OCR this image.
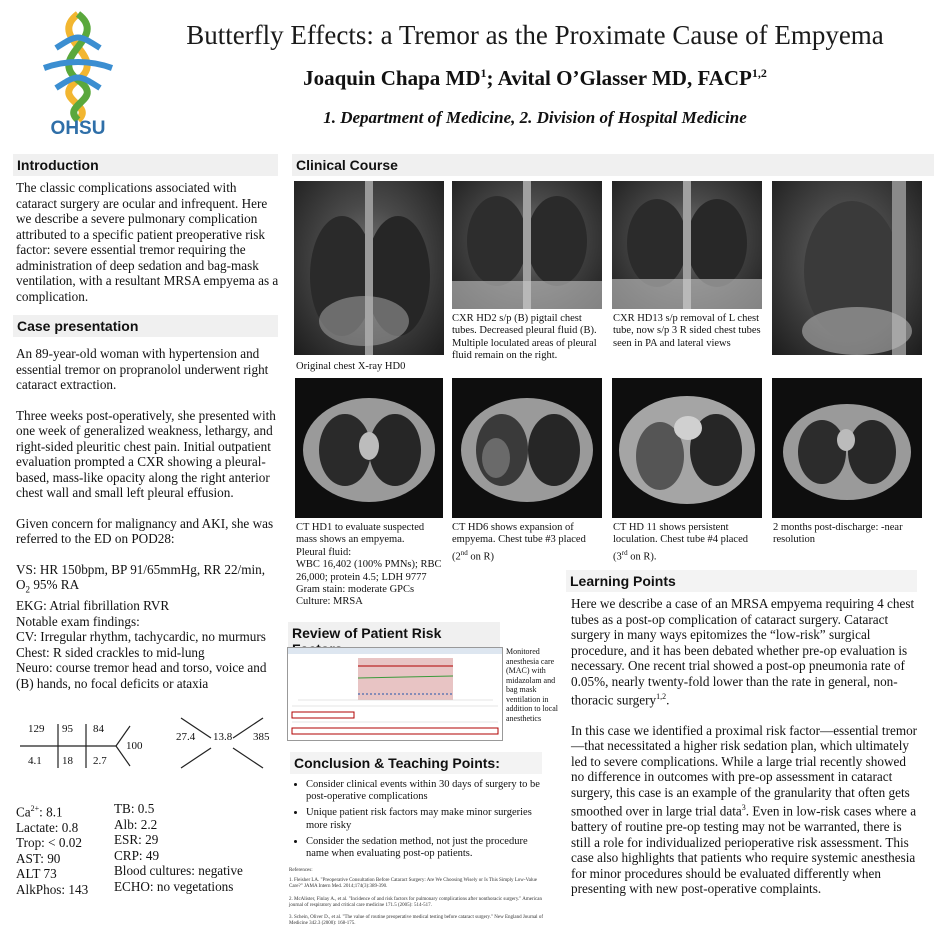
OHSU
Butterfly Effects: a Tremor as the Proximate Cause of Empyema
Joaquin Chapa $MD^1$; Avital O’Glasser MD, FACP$^{1,2}$
1. Department of Medicine, 2. Division of Hospital Medicine
Introduction
The classic complications associated with cataract surgery are ocular and infrequent. Here we describe a severe pulmonary complication attributed to a specific patient preoperative risk factor: severe essential tremor requiring the administration of deep sedation and bag-mask ventilation, with a resultant MRSA empyema as a complication.
Case presentation

An 89-year-old woman with hypertension and essential tremor on propranolol underwent right cataract extraction.

Three weeks post-operatively, she presented with one week of generalized weakness, lethargy, and right-sided pleuritic chest pain. Initial outpatient evaluation prompted a CXR showing a pleural-based, mass-like opacity along the right anterior chest wall and small left pleural effusion.

Given concern for malignancy and AKI, she was referred to the ED on POD28:

VS: HR 150bpm, BP 91/65mmHg, RR 22/min,
$O_2$ 95% RA

EKG: Atrial fibrillation RVR

Notable exam findings:

CV: Irregular rhythm, tachycardic, no murmurs

Chest: R sided crackles to mid-lung

Neuro: course tremor head and torso, voice and (B) hands, no focal deficits or ataxia

129 95 84
100
4.1 18 2.7
27.4 13.8 385
$Ca^{2+}$: 8.1
Lactate: 0.8
Trop: < 0.02
AST: 90
ALT 73
AlkPhos: 143
TB: 0.5
Alb: 2.2
ESR: 29
CRP: 49
Blood cultures: negative
ECHO: no vegetations
Clinical Course
Original chest X-ray HD0
CXR HD2 s/p (B) pigtail chest tubes. Decreased pleural fluid (B). Multiple loculated areas of pleural fluid remain on the right.
CXR HD13 s/p removal of L chest tube, now s/p 3 R sided chest tubes seen in PA and lateral views
CT HD1 to evaluate suspected mass shows an empyema.
Pleural fluid:
WBC 16,402 (100% PMNs); RBC 26,000; protein 4.5; LDH 9777
Gram stain: moderate GPCs
Culture: MRSA
CT HD6 shows expansion of empyema. Chest tube #3 placed (2nd on R)
CT HD 11 shows persistent loculation. Chest tube #4 placed (3rd on R).
2 months post-discharge: -near resolution
Review of Patient Risk
Monitored anesthesia care (MAC) with midazolam and bag mask ventilation in addition to local anesthetics
Conclusion & Teaching Points:
• Consider clinical events within 30 days of surgery to be post-operative complications
• Unique patient risk factors may make minor surgeries more risky
• Consider the sedation method, not just the procedure name when evaluating post-op patients.
References:
1. Fleisher LA. "Preoperative Consultation Before Cataract Surgery: Are We Choosing Wisely or Is This Simply Low-Value Care?" JAMA Intern Med. 2014;174(3):389-390.
2. McAlister, Finlay A., et al. "Incidence of and risk factors for pulmonary complications after nonthoracic surgery." American journal of respiratory and critical care medicine 171.5 (2005): 514-517.
3. Schein, Oliver D., et al. "The value of routine preoperative medical testing before cataract surgery." New England Journal of Medicine 342.3 (2000): 168-175.
Learning Points

Here we describe a case of an MRSA empyema requiring 4 chest tubes as a post-op complication of cataract surgery. Cataract surgery in many ways epitomizes the “low-risk” surgical procedure, and it has been debated whether pre-op evaluation is necessary. One recent trial showed a post-op pneumonia rate of 0.05%, nearly twenty-fold lower than the rate in general, non-thoracic surgery$^{1,2}$.

In this case we identified a proximal risk factor—essential tremor—that necessitated a higher risk sedation plan, which ultimately led to severe complications. While a large trial recently showed no difference in outcomes with pre-op assessment in cataract surgery, this case is an example of the granularity that often gets smoothed over in large trial data$^3$. Even in low-risk cases where a battery of routine pre-op testing may not be warranted, there is still a role for individualized perioperative risk assessment. This case also highlights that patients who require systemic anesthesia for minor procedures should be evaluated differently when presenting with new post-operative complaints.
